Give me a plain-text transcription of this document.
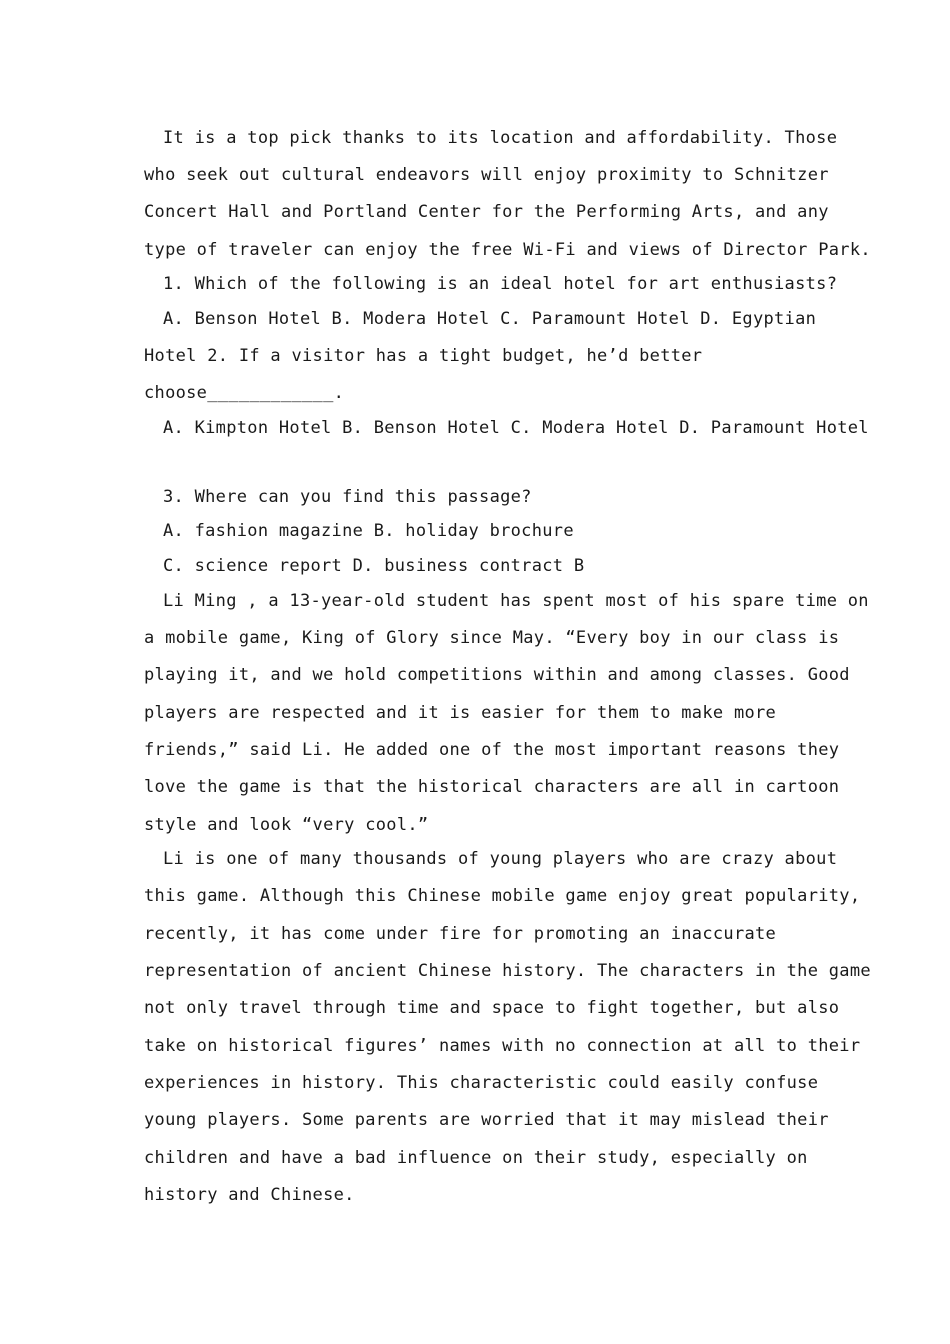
It is a top pick thanks to its location and affordability. Those

who seek out cultural endeavors will enjoy proximity to Schnitzer

Concert Hall and Portland Center for the Performing Arts, and any

type of traveler can enjoy the free Wi-Fi and views of Director Park.

1. Which of the following is an ideal hotel for art enthusiasts?

A. Benson Hotel B. Modera Hotel C. Paramount Hotel D. Egyptian

Hotel 2. If a visitor has a tight budget, he’d better

choose____________.

A. Kimpton Hotel B. Benson Hotel C. Modera Hotel D. Paramount Hotel

3. Where can you find this passage?

A. fashion magazine B. holiday brochure

C. science report D. business contract B

Li Ming , a 13-year-old student has spent most of his spare time on

a mobile game, King of Glory since May. “Every boy in our class is

playing it, and we hold competitions within and among classes. Good

players are respected and it is easier for them to make more

friends,” said Li. He added one of the most important reasons they

love the game is that the historical characters are all in cartoon

style and look “very cool.”

Li is one of many thousands of young players who are crazy about

this game. Although this Chinese mobile game enjoy great popularity,

recently, it has come under fire for promoting an inaccurate

representation of ancient Chinese history. The characters in the game

not only travel through time and space to fight together, but also

take on historical figures’ names with no connection at all to their

experiences in history. This characteristic could easily confuse

young players. Some parents are worried that it may mislead their

children and have a bad influence on their study, especially on

history and Chinese.
